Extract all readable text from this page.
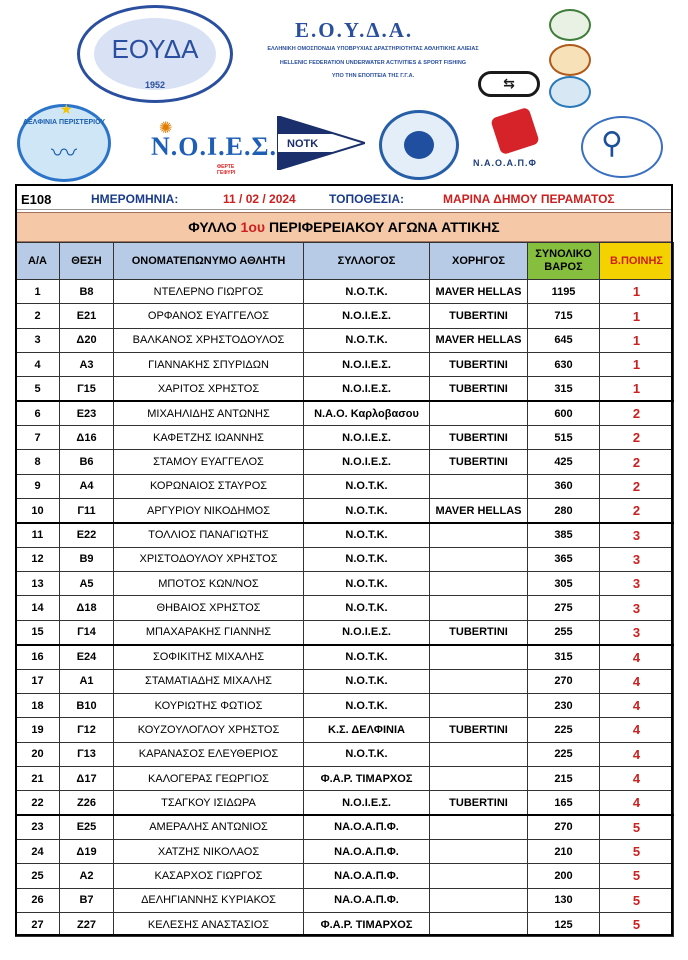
ΕΟΥΔΑ
1952
Ε.Ο.Υ.Δ.Α.
ΕΛΛΗΝΙΚΗ ΟΜΟΣΠΟΝΔΙΑ ΥΠΟΒΡΥΧΙΑΣ ΔΡΑΣΤΗΡΙΟΤΗΤΑΣ ΑΘΛΗΤΙΚΗΣ ΑΛΙΕΙΑΣ
HELLENIC FEDERATION UNDERWATER ACTIVITIES & SPORT FISHING
ΥΠΟ ΤΗΝ ΕΠΟΠΤΕΙΑ ΤΗΣ Γ.Γ.Α.	⇆
★
ΔΕΛΦΙΝΙΑ ΠΕΡΙΣΤΕΡΙΟΥ
〰
✺
Ν.Ο.Ι.Ε.Σ.
ΦΕΡΤΕ ΓΕΦΥΡΙ
NOTK
Ν.Α.Ο.Α.Π.Φ
⚲
E108	ΗΜΕΡΟΜΗΝΙΑ:	11 / 02 / 2024	ΤΟΠΟΘΕΣΙΑ:	ΜΑΡΙΝΑ ΔΗΜΟΥ ΠΕΡΑΜΑΤΟΣ
ΦΥΛΛΟ 1ου ΠΕΡΙΦΕΡΕΙΑΚΟΥ ΑΓΩΝΑ ΑΤΤΙΚΗΣ
Α/Α	ΘΕΣΗ	ΟΝΟΜΑΤΕΠΩΝΥΜΟ ΑΘΛΗΤΗ	ΣΥΛΛΟΓΟΣ	ΧΟΡΗΓΟΣ	ΣΥΝΟΛΙΚΟ ΒΑΡΟΣ	Β.ΠΟΙΝΗΣ
1	B8	ΝΤΕΛΕΡΝΟ ΓΙΩΡΓΟΣ	Ν.Ο.Τ.Κ.	MAVER HELLAS	1195	1
2	E21	ΟΡΦΑΝΟΣ ΕΥΑΓΓΕΛΟΣ	Ν.Ο.Ι.Ε.Σ.	TUBERTINI	715	1
3	Δ20	ΒΑΛΚΑΝΟΣ ΧΡΗΣΤΟΔΟΥΛΟΣ	Ν.Ο.Τ.Κ.	MAVER HELLAS	645	1
4	A3	ΓΙΑΝΝΑΚΗΣ ΣΠΥΡΙΔΩΝ	Ν.Ο.Ι.Ε.Σ.	TUBERTINI	630	1
5	Γ15	ΧΑΡΙΤΟΣ ΧΡΗΣΤΟΣ	Ν.Ο.Ι.Ε.Σ.	TUBERTINI	315	1
6	E23	ΜΙΧΑΗΛΙΔΗΣ ΑΝΤΩΝΗΣ	Ν.Α.Ο. Καρλοβασου		600	2
7	Δ16	ΚΑΦΕΤΖΗΣ ΙΩΑΝΝΗΣ	Ν.Ο.Ι.Ε.Σ.	TUBERTINI	515	2
8	B6	ΣΤΑΜΟΥ ΕΥΑΓΓΕΛΟΣ	Ν.Ο.Ι.Ε.Σ.	TUBERTINI	425	2
9	A4	ΚΟΡΩΝΑΙΟΣ ΣΤΑΥΡΟΣ	Ν.Ο.Τ.Κ.		360	2
10	Γ11	ΑΡΓΥΡΙΟΥ ΝΙΚΟΔΗΜΟΣ	Ν.Ο.Τ.Κ.	MAVER HELLAS	280	2
11	E22	ΤΟΛΛΙΟΣ ΠΑΝΑΓΙΩΤΗΣ	Ν.Ο.Τ.Κ.		385	3
12	B9	ΧΡΙΣΤΟΔΟΥΛΟΥ ΧΡΗΣΤΟΣ	Ν.Ο.Τ.Κ.		365	3
13	A5	ΜΠΟΤΟΣ ΚΩΝ/ΝΟΣ	Ν.Ο.Τ.Κ.		305	3
14	Δ18	ΘΗΒΑΙΟΣ ΧΡΗΣΤΟΣ	Ν.Ο.Τ.Κ.		275	3
15	Γ14	ΜΠΑΧΑΡΑΚΗΣ ΓΙΑΝΝΗΣ	Ν.Ο.Ι.Ε.Σ.	TUBERTINI	255	3
16	E24	ΣΟΦΙΚΙΤΗΣ ΜΙΧΑΛΗΣ	Ν.Ο.Τ.Κ.		315	4
17	A1	ΣΤΑΜΑΤΙΑΔΗΣ ΜΙΧΑΛΗΣ	Ν.Ο.Τ.Κ.		270	4
18	B10	ΚΟΥΡΙΩΤΗΣ ΦΩΤΙΟΣ	Ν.Ο.Τ.Κ.		230	4
19	Γ12	ΚΟΥΖΟΥΛΟΓΛΟΥ ΧΡΗΣΤΟΣ	Κ.Σ. ΔΕΛΦΙΝΙΑ	TUBERTINI	225	4
20	Γ13	ΚΑΡΑΝΑΣΟΣ ΕΛΕΥΘΕΡΙΟΣ	Ν.Ο.Τ.Κ.		225	4
21	Δ17	ΚΑΛΟΓΕΡΑΣ ΓΕΩΡΓΙΟΣ	Φ.Α.Ρ. ΤΙΜΑΡΧΟΣ		215	4
22	Z26	ΤΣΑΓΚΟΥ ΙΣΙΔΩΡΑ	Ν.Ο.Ι.Ε.Σ.	TUBERTINI	165	4
23	E25	ΑΜΕΡΑΛΗΣ ΑΝΤΩΝΙΟΣ	ΝΑ.Ο.Α.Π.Φ.		270	5
24	Δ19	ΧΑΤΖΗΣ ΝΙΚΟΛΑΟΣ	ΝΑ.Ο.Α.Π.Φ.		210	5
25	A2	ΚΑΣΑΡΧΟΣ ΓΙΩΡΓΟΣ	ΝΑ.Ο.Α.Π.Φ.		200	5
26	B7	ΔΕΛΗΓΙΑΝΝΗΣ ΚΥΡΙΑΚΟΣ	ΝΑ.Ο.Α.Π.Φ.		130	5
27	Z27	ΚΕΛΕΣΗΣ ΑΝΑΣΤΑΣΙΟΣ	Φ.Α.Ρ. ΤΙΜΑΡΧΟΣ		125	5
